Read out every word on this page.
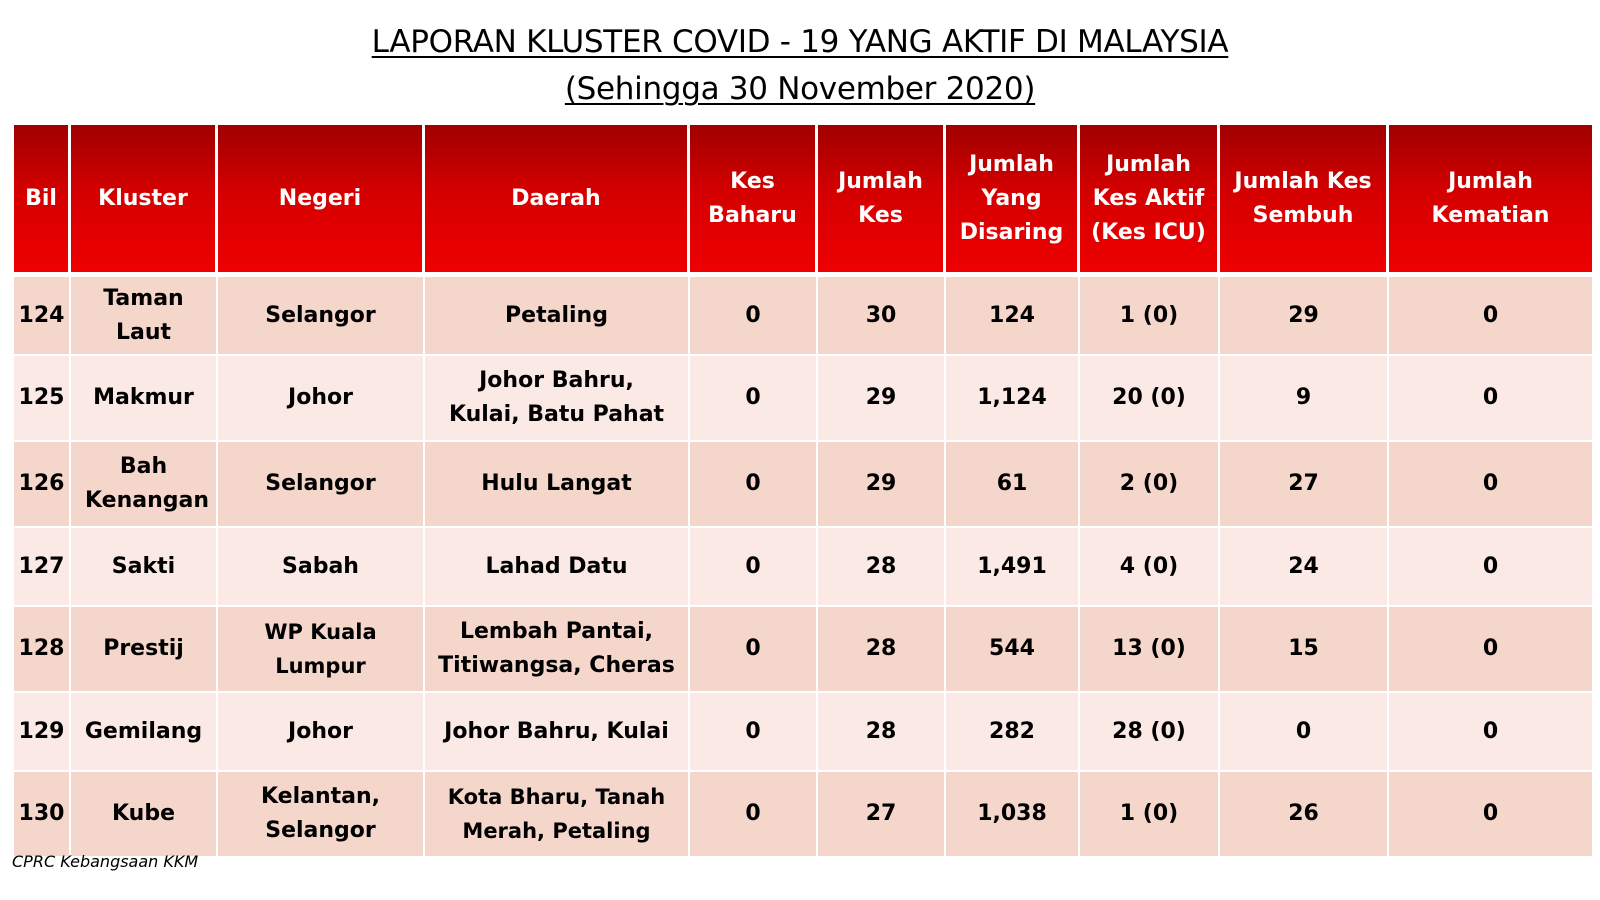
LAPORAN KLUSTER COVID - 19 YANG AKTIF DI MALAYSIA
(Sehingga 30 November 2020)
Bil	Kluster	Negeri	Daerah	Kes Baharu	Jumlah Kes	Jumlah Yang Disaring	Jumlah Kes Aktif (Kes ICU)	Jumlah Kes Sembuh	Jumlah Kematian
124	Taman Laut	Selangor	Petaling	0	30	124	1 (0)	29	0
125	Makmur	Johor	Johor Bahru, Kulai, Batu Pahat	0	29	1,124	20 (0)	9	0
126	Bah Kenangan	Selangor	Hulu Langat	0	29	61	2 (0)	27	0
127	Sakti	Sabah	Lahad Datu	0	28	1,491	4 (0)	24	0
128	Prestij	WP Kuala Lumpur	Lembah Pantai, Titiwangsa, Cheras	0	28	544	13 (0)	15	0
129	Gemilang	Johor	Johor Bahru, Kulai	0	28	282	28 (0)	0	0
130	Kube	Kelantan, Selangor	Kota Bharu, Tanah Merah, Petaling	0	27	1,038	1 (0)	26	0
CPRC Kebangsaan KKM
